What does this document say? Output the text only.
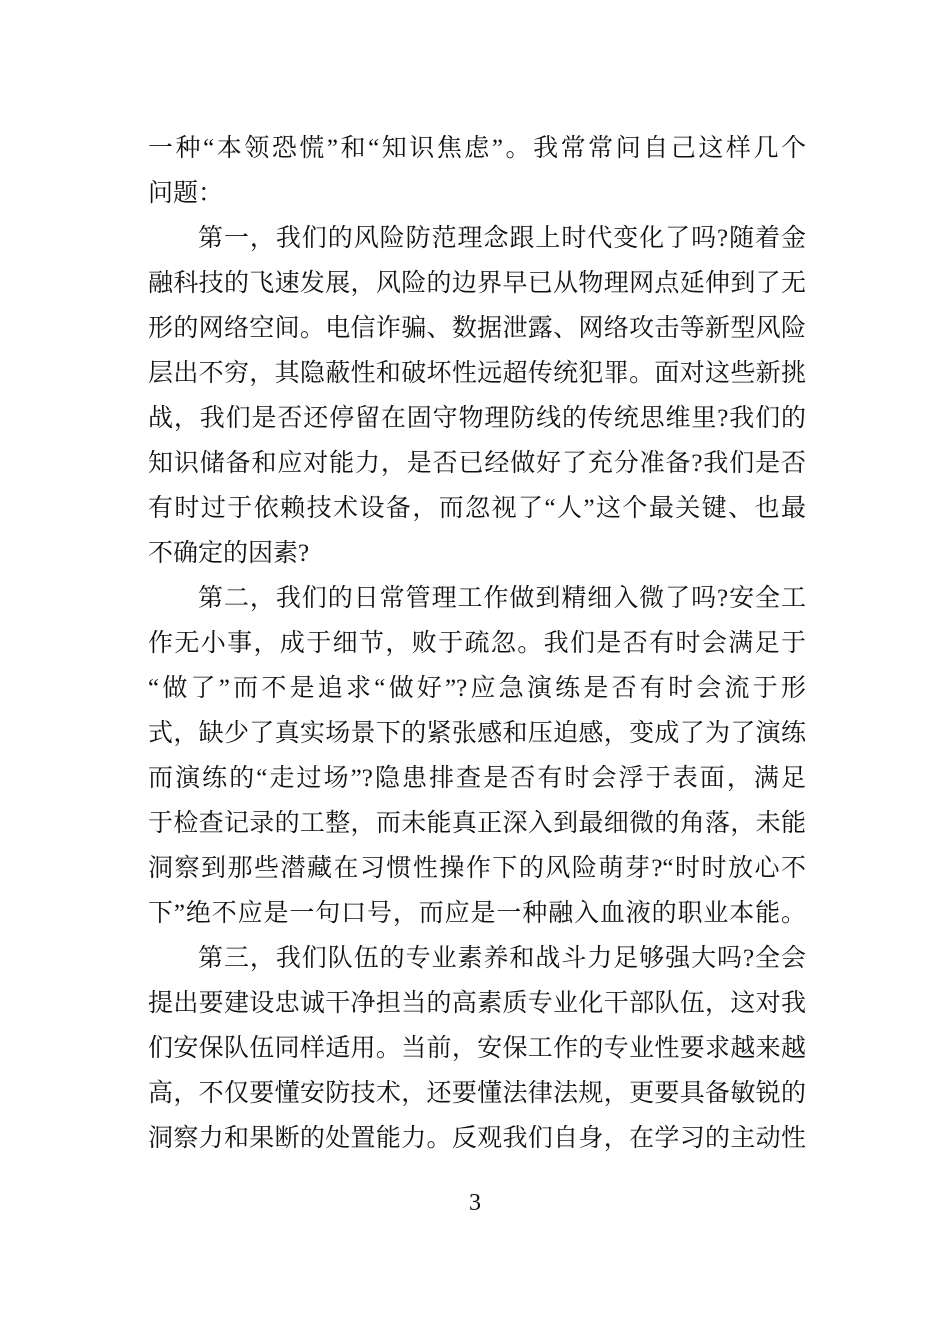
一种“本领恐慌”和“知识焦虑”。我常常问自己这样几个
问题：
第一，我们的风险防范理念跟上时代变化了吗?随着金
融科技的飞速发展，风险的边界早已从物理网点延伸到了无
形的网络空间。电信诈骗、数据泄露、网络攻击等新型风险
层出不穷，其隐蔽性和破坏性远超传统犯罪。面对这些新挑
战，我们是否还停留在固守物理防线的传统思维里?我们的
知识储备和应对能力，是否已经做好了充分准备?我们是否
有时过于依赖技术设备，而忽视了“人”这个最关键、也最
不确定的因素?
第二，我们的日常管理工作做到精细入微了吗?安全工
作无小事，成于细节，败于疏忽。我们是否有时会满足于
“做了”而不是追求“做好”?应急演练是否有时会流于形
式，缺少了真实场景下的紧张感和压迫感，变成了为了演练
而演练的“走过场”?隐患排查是否有时会浮于表面，满足
于检查记录的工整，而未能真正深入到最细微的角落，未能
洞察到那些潜藏在习惯性操作下的风险萌芽?“时时放心不
下”绝不应是一句口号，而应是一种融入血液的职业本能。
第三，我们队伍的专业素养和战斗力足够强大吗?全会
提出要建设忠诚干净担当的高素质专业化干部队伍，这对我
们安保队伍同样适用。当前，安保工作的专业性要求越来越
高，不仅要懂安防技术，还要懂法律法规，更要具备敏锐的
洞察力和果断的处置能力。反观我们自身，在学习的主动性
3
